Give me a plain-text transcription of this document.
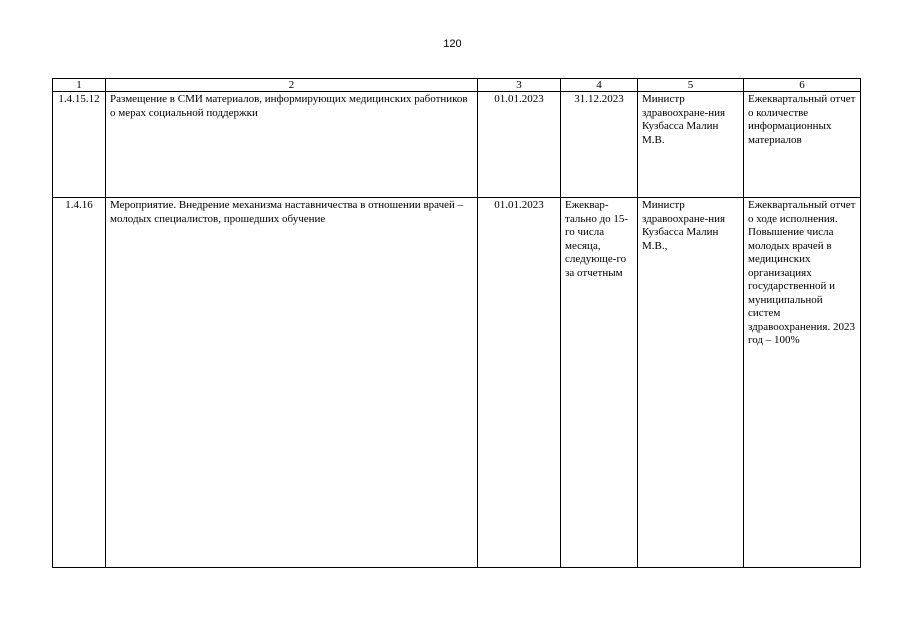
120
1	2	3	4	5	6
1.4.15.12	Размещение в СМИ материалов, информирующих медицинских работников о мерах социальной поддержки	01.01.2023	31.12.2023	Министр здравоохране-ния Кузбасса Малин М.В.	Ежеквартальный отчет о количестве информационных материалов
1.4.16	Мероприятие. Внедрение механизма наставничества в отношении врачей – молодых специалистов, прошедших обучение	01.01.2023	Ежеквар-тально до 15-го числа месяца, следующе-го за отчетным	Министр здравоохране-ния Кузбасса Малин М.В.,	Ежеквартальный отчет о ходе исполнения. Повышение числа молодых врачей в медицинских организациях государственной и муниципальной систем здравоохранения. 2023 год – 100%
